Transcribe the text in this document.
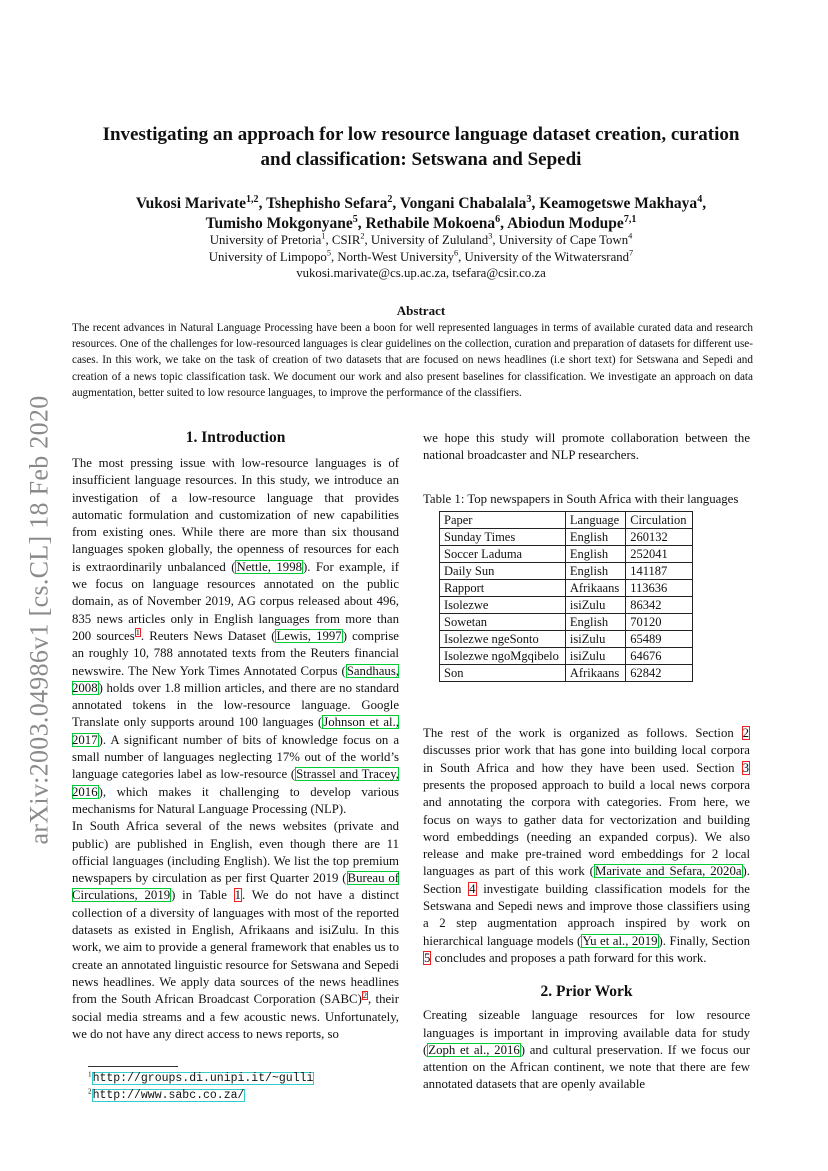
arXiv:2003.04986v1 [cs.CL] 18 Feb 2020
Investigating an approach for low resource language dataset creation, curation
and classification: Setswana and Sepedi
Vukosi Marivate$^{1,2}$, Tshephisho Sefara$^2$, Vongani Chabalala$^3$, Keamogetswe Makhaya$^4$,
Tumisho Mokgonyane$^5$, Rethabile Mokoena$^6$, Abiodun Modupe$^{7,1}$
University of Pretoria$^1$, CSIR$^2$, University of Zululand$^3$, University of Cape Town$^4$
University of Limpopo$^5$, North-West University$^6$, University of the Witwatersrand$^7$
vukosi.marivate@cs.up.ac.za, tsefara@csir.co.za
Abstract
The recent advances in Natural Language Processing have been a boon for well represented languages in terms of available curated data and research resources. One of the challenges for low-resourced languages is clear guidelines on the collection, curation and preparation of datasets for different use-cases. In this work, we take on the task of creation of two datasets that are focused on news headlines (i.e short text) for Setswana and Sepedi and creation of a news topic classification task. We document our work and also present baselines for classification. We investigate an approach on data augmentation, better suited to low resource languages, to improve the performance of the classifiers.
1. Introduction

The most pressing issue with low-resource languages is of insufficient language resources. In this study, we introduce an investigation of a low-resource language that provides automatic formulation and customization of new capabilities from existing ones. While there are more than six thousand languages spoken globally, the openness of resources for each is extraordinarily unbalanced (Nettle, 1998). For example, if we focus on language resources annotated on the public domain, as of November 2019, AG corpus released about 496, 835 news articles only in English languages from more than 200 sources$^1$. Reuters News Dataset (Lewis, 1997) comprise an roughly 10, 788 annotated texts from the Reuters financial newswire. The New York Times Annotated Corpus (Sandhaus, 2008) holds over 1.8 million articles, and there are no standard annotated tokens in the low-resource language. Google Translate only supports around 100 languages (Johnson et al., 2017). A significant number of bits of knowledge focus on a small number of languages neglecting 17% out of the world’s language categories label as low-resource (Strassel and Tracey, 2016), which makes it challenging to develop various mechanisms for Natural Language Processing (NLP).

In South Africa several of the news websites (private and public) are published in English, even though there are 11 official languages (including English). We list the top premium newspapers by circulation as per first Quarter 2019 (Bureau of Circulations, 2019) in Table 1. We do not have a distinct collection of a diversity of languages with most of the reported datasets as existed in English, Afrikaans and isiZulu. In this work, we aim to provide a general framework that enables us to create an annotated linguistic resource for Setswana and Sepedi news headlines. We apply data sources of the news headlines from the South African Broadcast Corporation (SABC)$^2$, their social media streams and a few acoustic news. Unfortunately, we do not have any direct access to news reports, so

we hope this study will promote collaboration between the national broadcaster and NLP researchers.

Table 1: Top newspapers in South Africa with their languages
Paper	Language	Circulation
Sunday Times	English	260132
Soccer Laduma	English	252041
Daily Sun	English	141187
Rapport	Afrikaans	113636
Isolezwe	isiZulu	86342
Sowetan	English	70120
Isolezwe ngeSonto	isiZulu	65489
Isolezwe ngoMgqibelo	isiZulu	64676
Son	Afrikaans	62842

The rest of the work is organized as follows. Section 2 discusses prior work that has gone into building local corpora in South Africa and how they have been used. Section 3 presents the proposed approach to build a local news corpora and annotating the corpora with categories. From here, we focus on ways to gather data for vectorization and building word embeddings (needing an expanded corpus). We also release and make pre-trained word embeddings for 2 local languages as part of this work (Marivate and Sefara, 2020a). Section 4 investigate building classification models for the Setswana and Sepedi news and improve those classifiers using a 2 step augmentation approach inspired by work on hierarchical language models (Yu et al., 2019). Finally, Section 5 concludes and proposes a path forward for this work.

2. Prior Work

Creating sizeable language resources for low resource languages is important in improving available data for study (Zoph et al., 2016) and cultural preservation. If we focus our attention on the African continent, we note that there are few annotated datasets that are openly available

$^1$http://groups.di.unipi.it/~gulli
$^2$http://www.sabc.co.za/
